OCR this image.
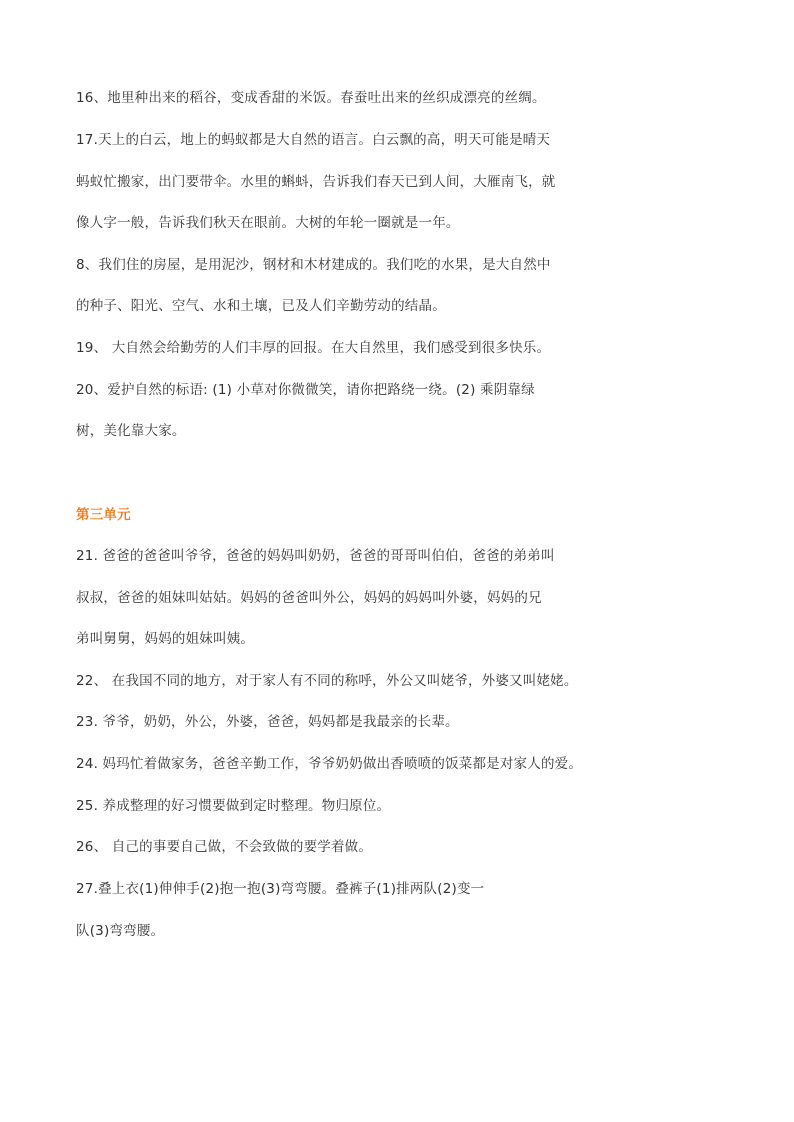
16、地里种出来的稻谷，变成香甜的米饭。春蚕吐出来的丝织成漂亮的丝绸。
17.天上的白云，地上的蚂蚁都是大自然的语言。白云飘的高，明天可能是晴天
蚂蚁忙搬家，出门要带伞。水里的蝌蚪，告诉我们春天已到人间，大雁南飞，就
像人字一般，告诉我们秋天在眼前。大树的年轮一圈就是一年。
8、我们住的房屋，是用泥沙，钢材和木材建成的。我们吃的水果，是大自然中
的种子、阳光、空气、水和土壤，已及人们辛勤劳动的结晶。
19、 大自然会给勤劳的人们丰厚的回报。在大自然里，我们感受到很多快乐。
20、爱护自然的标语: (1) 小草对你微微笑，请你把路绕一绕。(2) 乘阴靠绿
树，美化靠大家。
第三单元
21. 爸爸的爸爸叫爷爷，爸爸的妈妈叫奶奶，爸爸的哥哥叫伯伯，爸爸的弟弟叫
叔叔，爸爸的姐妹叫姑姑。妈妈的爸爸叫外公，妈妈的妈妈叫外婆，妈妈的兄
弟叫舅舅，妈妈的姐妹叫姨。
22、 在我国不同的地方，对于家人有不同的称呼，外公又叫姥爷，外婆又叫姥姥。
23. 爷爷，奶奶，外公，外婆，爸爸，妈妈都是我最亲的长辈。
24. 妈玛忙着做家务，爸爸辛勤工作，爷爷奶奶做出香喷喷的饭菜都是对家人的爱。
25. 养成整理的好习惯要做到定时整理。物归原位。
26、 自己的事要自己做，不会致做的要学着做。
27.叠上衣(1)伸伸手(2)抱一抱(3)弯弯腰。叠裤子(1)排两队(2)变一
队(3)弯弯腰。
